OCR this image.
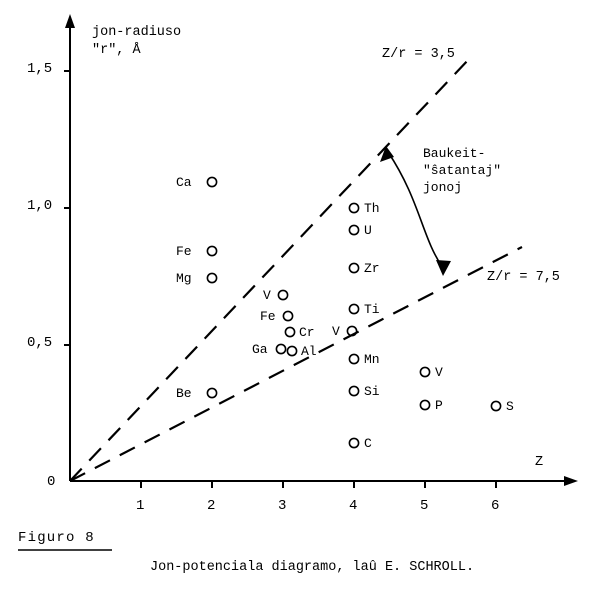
jon-radiuso
"r", Å
Z
1,5
1,0
0,5
0
1	2	3	4	5	6
Z/r = 3,5
Z/r = 7,5
Baukeit-
"ŝatantaj"
jonoj
Ca
Fe
Mg
Be
V
Fe
Cr
Ga	Al
Th
U
Zr
Ti
V
Mn
Si
C
V
P	S
Figuro 8
Jon-potenciala diagramo, laû E. SCHROLL.
